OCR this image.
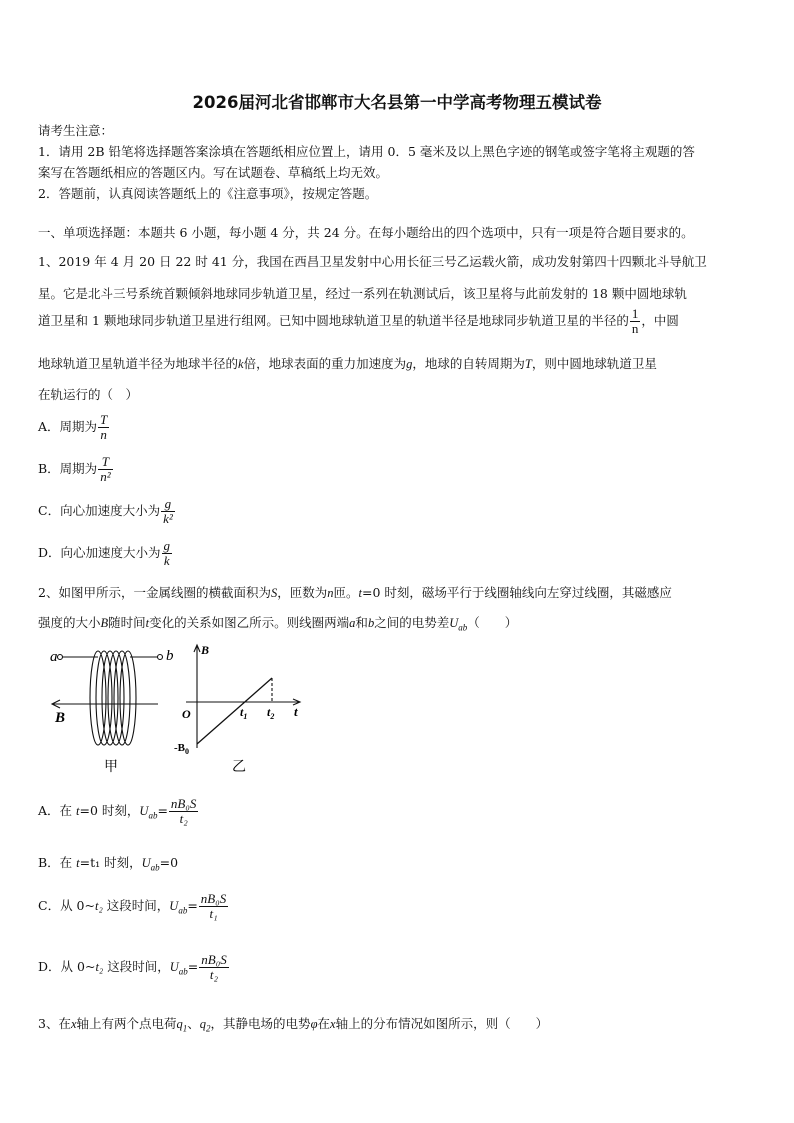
2026届河北省邯郸市大名县第一中学高考物理五模试卷
请考生注意：
1．请用 2B 铅笔将选择题答案涂填在答题纸相应位置上，请用 0．5 毫米及以上黑色字迹的钢笔或签字笔将主观题的答
案写在答题纸相应的答题区内。写在试题卷、草稿纸上均无效。
2．答题前，认真阅读答题纸上的《注意事项》，按规定答题。
一、单项选择题：本题共 6 小题，每小题 4 分，共 24 分。在每小题给出的四个选项中，只有一项是符合题目要求的。
1、2019 年 4 月 20 日 22 时 41 分，我国在西昌卫星发射中心用长征三号乙运载火箭，成功发射第四十四颗北斗导航卫
星。它是北斗三号系统首颗倾斜地球同步轨道卫星，经过一系列在轨测试后，该卫星将与此前发射的 18 颗中圆地球轨
道卫星和 1 颗地球同步轨道卫星进行组网。已知中圆地球轨道卫星的轨道半径是地球同步轨道卫星的半径的 $\frac{1}{n}$ ，中圆
地球轨道卫星轨道半径为地球半径的k倍，地球表面的重力加速度为g，地球的自转周期为T，则中圆地球轨道卫星
在轨运行的（　）
A．周期为 $\frac{T}{n}$
B．周期为 $\frac{T}{\text{n²}}$
C．向心加速度大小为 $\frac{g}{\text{k²}}$
D．向心加速度大小为 $\frac{g}{k}$
2、如图甲所示，一金属线圈的横截面积为S，匝数为n匝。t=0 时刻，磁场平行于线圈轴线向左穿过线圈，其磁感应
强度的大小B随时间t变化的关系如图乙所示。则线圈两端a和b之间的电势差$U_{ab}$（　　）
a	b
B
甲
B
t
O
$-B_0$
$t_1$ $t_2$
乙
A．在 t=0 时刻，$U_{ab}= \frac{\text{nB₀S}}{\text{t₂}}$
B．在 t=t₁ 时刻，$U_{ab}=0$
C．从 0~t₂ 这段时间，$U_{ab}= \frac{\text{nB₀S}}{\text{t₁}}$
D．从 0~t₂ 这段时间，$U_{ab}= \frac{\text{nB₀S}}{\text{t₂}}$
3、在x轴上有两个点电荷$q_1$、$q_2$，其静电场的电势φ在x轴上的分布情况如图所示，则（　　）
